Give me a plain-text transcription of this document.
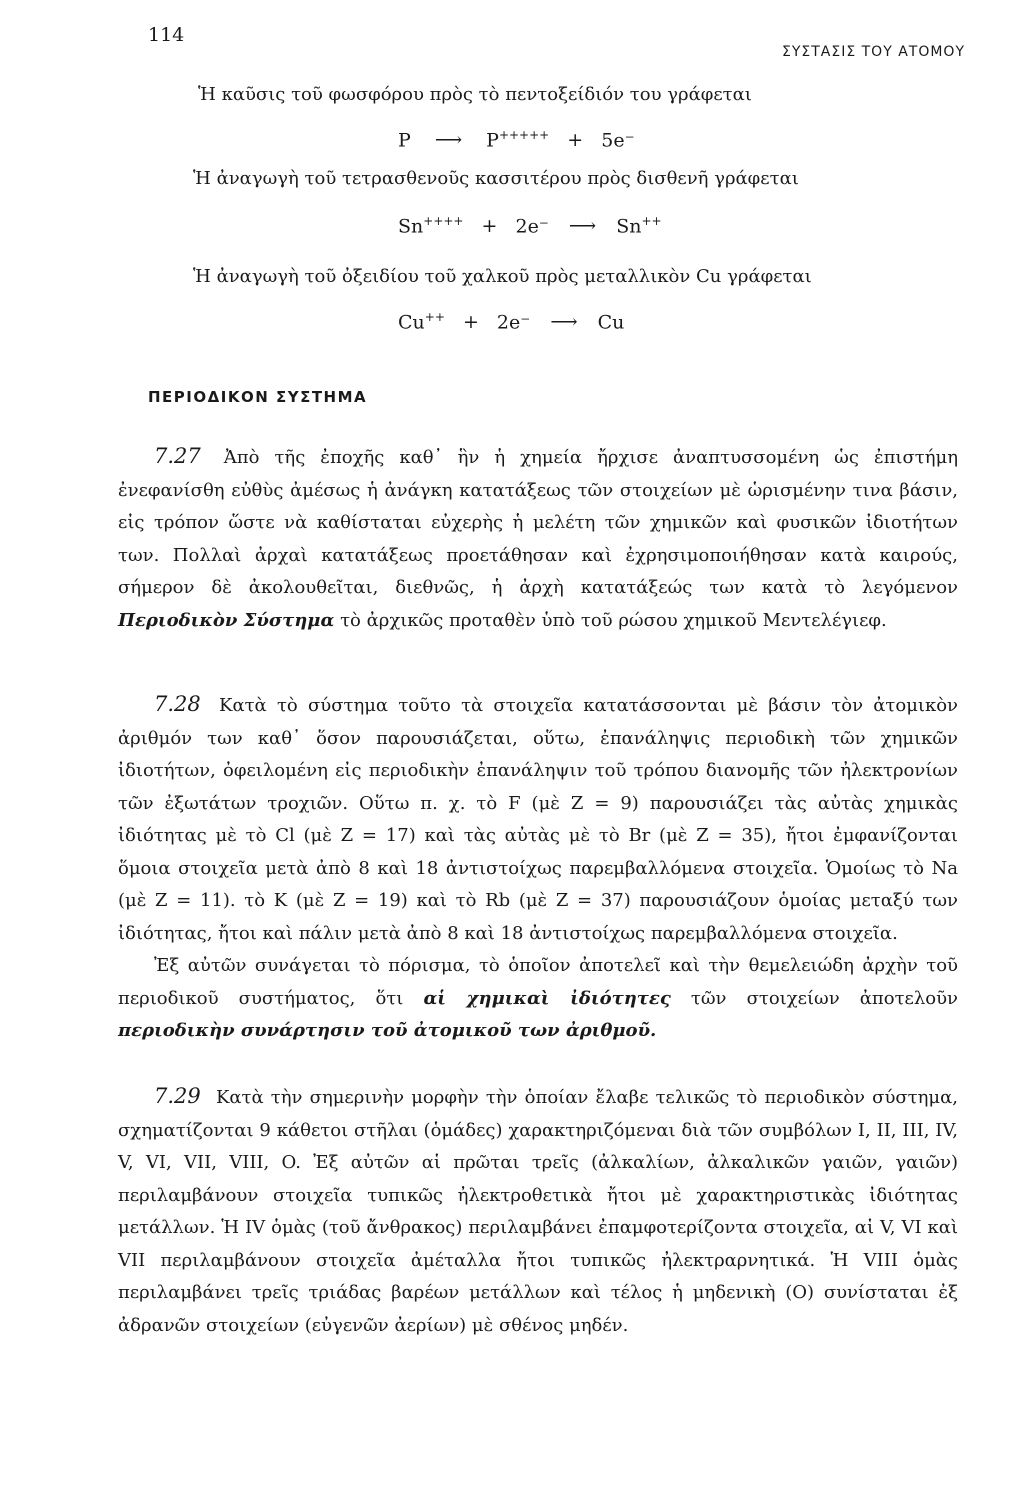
114
ΣΥΣΤΑΣΙΣ ΤΟΥ ΑΤΟΜΟΥ
Ἡ καῦσις τοῦ φωσφόρου πρὸς τὸ πεντοξείδιόν του γράφεται
P ⟶ P+++++ + 5e⁻
Ἡ ἀναγωγὴ τοῦ τετρασθενοῦς κασσιτέρου πρὸς δισθενῆ γράφεται
Sn++++ + 2e⁻ ⟶ Sn++
Ἡ ἀναγωγὴ τοῦ ὀξειδίου τοῦ χαλκοῦ πρὸς μεταλλικὸν Cu γράφεται
Cu++ + 2e⁻ ⟶ Cu
ΠΕΡΙΟΔΙΚΟΝ ΣΥΣΤΗΜΑ

7.27 Ἀπὸ τῆς ἐποχῆς καθ᾽ ἣν ἡ χημεία ἤρχισε ἀναπτυσσομένη ὡς ἐπιστήμη ἐνεφανίσθη εὐθὺς ἀμέσως ἡ ἀνάγκη κατατάξεως τῶν στοιχείων μὲ ὡρισμένην τινα βάσιν, εἰς τρόπον ὥστε νὰ καθίσταται εὐχερὴς ἡ μελέτη τῶν χημικῶν καὶ φυσικῶν ἰδιοτήτων των. Πολλαὶ ἀρχαὶ κατατάξεως προετάθησαν καὶ ἐχρησιμοποιήθησαν κατὰ καιρούς, σήμερον δὲ ἀκολουθεῖται, διεθνῶς, ἡ ἀρχὴ κατατάξεώς των κατὰ τὸ λεγόμενον Περιοδικὸν Σύστημα τὸ ἀρχικῶς προταθὲν ὑπὸ τοῦ ρώσου χημικοῦ Μεντελέγιεφ.

7.28 Κατὰ τὸ σύστημα τοῦτο τὰ στοιχεῖα κατατάσσονται μὲ βάσιν τὸν ἀτομικὸν ἀριθμόν των καθ᾽ ὅσον παρουσιάζεται, οὕτω, ἐπανάληψις περιοδικὴ τῶν χημικῶν ἰδιοτήτων, ὀφειλομένη εἰς περιοδικὴν ἐπανάληψιν τοῦ τρόπου διανομῆς τῶν ἠλεκτρονίων τῶν ἐξωτάτων τροχιῶν. Οὕτω π. χ. τὸ F (μὲ Z = 9) παρουσιάζει τὰς αὐτὰς χημικὰς ἰδιότητας μὲ τὸ Cl (μὲ Z = 17) καὶ τὰς αὐτὰς μὲ τὸ Br (μὲ Z = 35), ἤτοι ἐμφανίζονται ὅμοια στοιχεῖα μετὰ ἀπὸ 8 καὶ 18 ἀντιστοίχως παρεμβαλλόμενα στοιχεῖα. Ὁμοίως τὸ Na (μὲ Z = 11). τὸ K (μὲ Z = 19) καὶ τὸ Rb (μὲ Z = 37) παρουσιάζουν ὁμοίας μεταξύ των ἰδιότητας, ἤτοι καὶ πάλιν μετὰ ἀπὸ 8 καὶ 18 ἀντιστοίχως παρεμβαλλόμενα στοιχεῖα.

Ἐξ αὐτῶν συνάγεται τὸ πόρισμα, τὸ ὁποῖον ἀποτελεῖ καὶ τὴν θεμελειώδη ἀρχὴν τοῦ περιοδικοῦ συστήματος, ὅτι αἱ χημικαὶ ἰδιότητες τῶν στοιχείων ἀποτελοῦν περιοδικὴν συνάρτησιν τοῦ ἀτομικοῦ των ἀριθμοῦ.

7.29 Κατὰ τὴν σημερινὴν μορφὴν τὴν ὁποίαν ἔλαβε τελικῶς τὸ περιοδικὸν σύστημα, σχηματίζονται 9 κάθετοι στῆλαι (ὁμάδες) χαρακτηριζόμεναι διὰ τῶν συμβόλων I, II, III, IV, V, VI, VII, VIII, O. Ἐξ αὐτῶν αἱ πρῶται τρεῖς (ἀλκαλίων, ἀλκαλικῶν γαιῶν, γαιῶν) περιλαμβάνουν στοιχεῖα τυπικῶς ἠλεκτροθετικὰ ἤτοι μὲ χαρακτηριστικὰς ἰδιότητας μετάλλων. Ἡ IV ὁμὰς (τοῦ ἄνθρακος) περιλαμβάνει ἐπαμφοτερίζοντα στοιχεῖα, αἱ V, VI καὶ VII περιλαμβάνουν στοιχεῖα ἀμέταλλα ἤτοι τυπικῶς ἠλεκτραρνητικά. Ἡ VIII ὁμὰς περιλαμβάνει τρεῖς τριάδας βαρέων μετάλλων καὶ τέλος ἡ μηδενικὴ (O) συνίσταται ἐξ ἀδρανῶν στοιχείων (εὐγενῶν ἀερίων) μὲ σθένος μηδέν.
